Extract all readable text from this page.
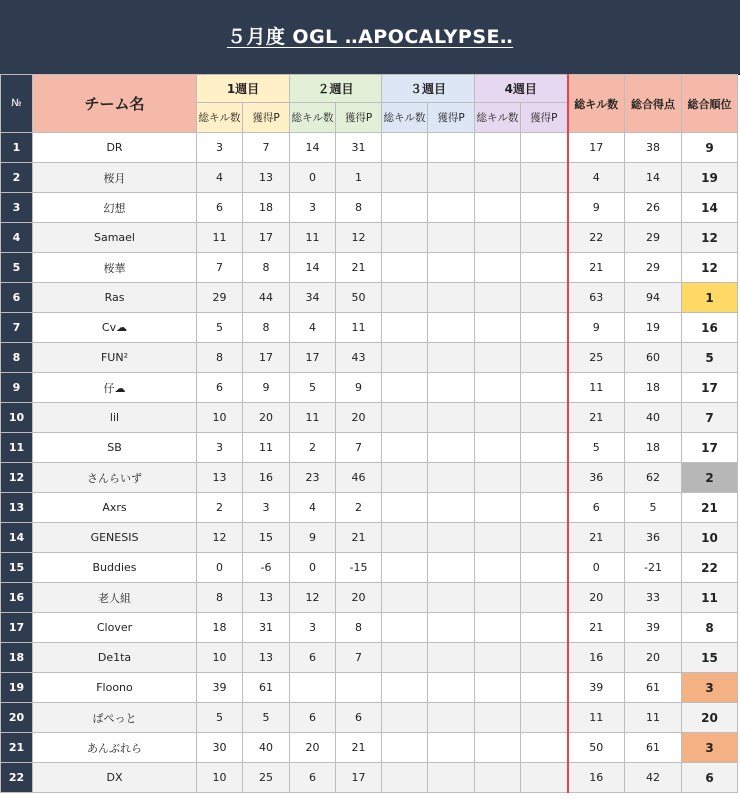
５月度 OGL ‥APOCALYPSE‥
№	チーム名	1週目		２週目		３週目		4週目		総キル数	総合得点	総合順位
		総キル数	獲得P	総キル数	獲得P	総キル数	獲得P	総キル数	獲得P			
1	DR	3	7	14	31					17	38	9
2	桜月	4	13	0	1					4	14	19
3	幻想	6	18	3	8					9	26	14
4	Samael	11	17	11	12					22	29	12
5	桜華	7	8	14	21					21	29	12
6	Ras	29	44	34	50					63	94	1
7	Cv☁	5	8	4	11					9	19	16
8	FUN²	8	17	17	43					25	60	5
9	仔☁	6	9	5	9					11	18	17
10	lil	10	20	11	20					21	40	7
11	SB	3	11	2	7					5	18	17
12	さんらいず	13	16	23	46					36	62	2
13	Axrs	2	3	4	2					6	5	21
14	GENESIS	12	15	9	21					21	36	10
15	Buddies	0	-6	0	-15					0	-21	22
16	老人組	8	13	12	20					20	33	11
17	Clover	18	31	3	8					21	39	8
18	De1ta	10	13	6	7					16	20	15
19	Floono	39	61							39	61	3
20	ぱぺっと	5	5	6	6					11	11	20
21	あんぶれら	30	40	20	21					50	61	3
22	DX	10	25	6	17					16	42	6
